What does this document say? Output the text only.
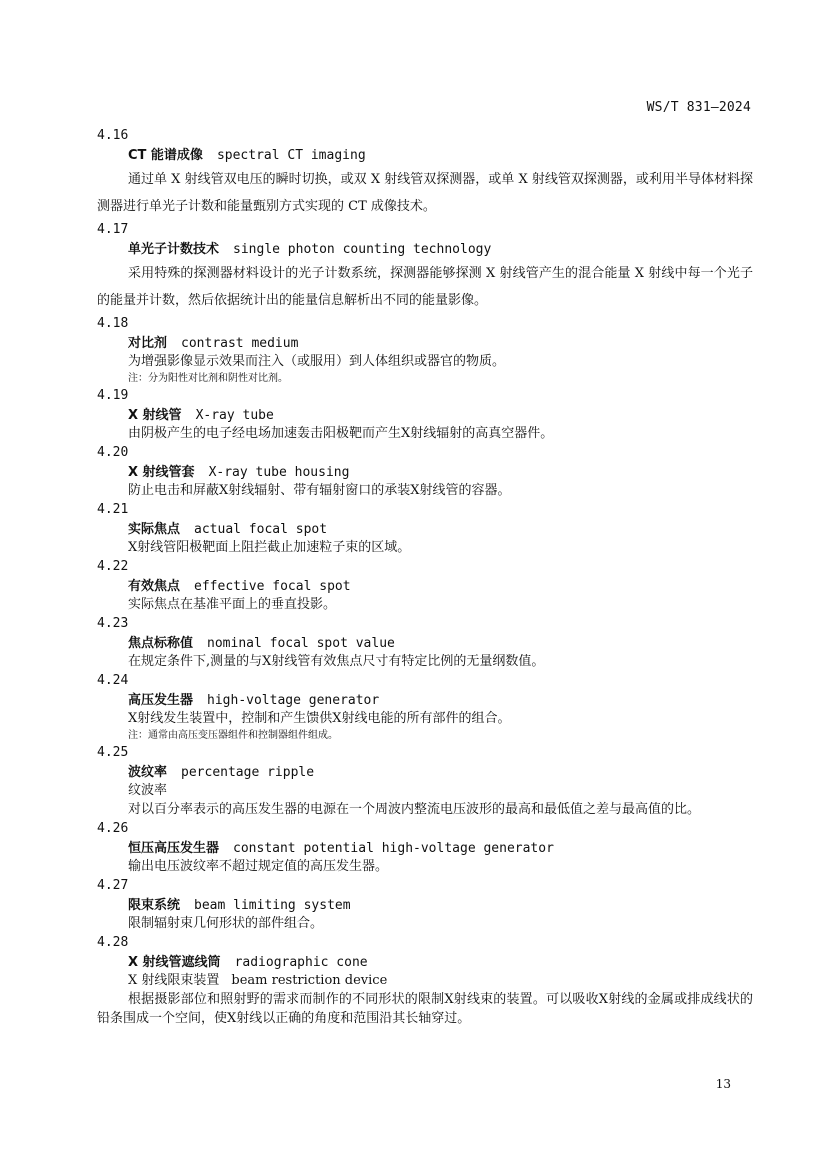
WS/T 831—2024
4.16
CT 能谱成像 spectral CT imaging
通过单 X 射线管双电压的瞬时切换，或双 X 射线管双探测器，或单 X 射线管双探测器，或利用半导体材料探测器进行单光子计数和能量甄别方式实现的 CT 成像技术。
4.17
单光子计数技术 single photon counting technology
采用特殊的探测器材料设计的光子计数系统，探测器能够探测 X 射线管产生的混合能量 X 射线中每一个光子的能量并计数，然后依据统计出的能量信息解析出不同的能量影像。
4.18
对比剂 contrast medium
为增强影像显示效果而注入（或服用）到人体组织或器官的物质。
注：分为阳性对比剂和阴性对比剂。
4.19
X 射线管 X-ray tube
由阴极产生的电子经电场加速轰击阳极靶而产生X射线辐射的高真空器件。
4.20
X 射线管套 X-ray tube housing
防止电击和屏蔽X射线辐射、带有辐射窗口的承装X射线管的容器。
4.21
实际焦点 actual focal spot
X射线管阳极靶面上阻拦截止加速粒子束的区域。
4.22
有效焦点 effective focal spot
实际焦点在基准平面上的垂直投影。
4.23
焦点标称值 nominal focal spot value
在规定条件下,测量的与X射线管有效焦点尺寸有特定比例的无量纲数值。
4.24
高压发生器 high-voltage generator
X射线发生装置中，控制和产生馈供X射线电能的所有部件的组合。
注：通常由高压变压器组件和控制器组件组成。
4.25
波纹率 percentage ripple
纹波率
对以百分率表示的高压发生器的电源在一个周波内整流电压波形的最高和最低值之差与最高值的比。
4.26
恒压高压发生器 constant potential high-voltage generator
输出电压波纹率不超过规定值的高压发生器。
4.27
限束系统 beam limiting system
限制辐射束几何形状的部件组合。
4.28
X 射线管遮线筒 radiographic cone
X 射线限束装置 beam restriction device
根据摄影部位和照射野的需求而制作的不同形状的限制X射线束的装置。可以吸收X射线的金属或排成线状的铅条围成一个空间，使X射线以正确的角度和范围沿其长轴穿过。
13
